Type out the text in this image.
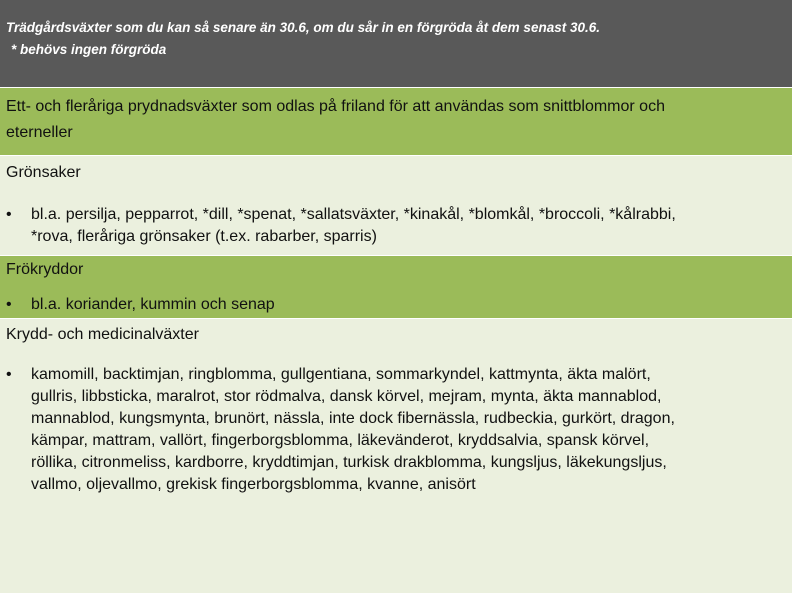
Trädgårdsväxter som du kan så senare än 30.6, om du sår in en förgröda åt dem senast 30.6.
* behövs ingen förgröda
Ett- och fleråriga prydnadsväxter som odlas på friland för att användas som snittblommor och
eterneller
Grönsaker
• bl.a. persilja, pepparrot, *dill, *spenat, *sallatsväxter, *kinakål, *blomkål, *broccoli, *kålrabbi,
*rova, fleråriga grönsaker (t.ex. rabarber, sparris)
Frökryddor
• bl.a. koriander, kummin och senap
Krydd- och medicinalväxter
• kamomill, backtimjan, ringblomma, gullgentiana, sommarkyndel, kattmynta, äkta malört,
gullris, libbsticka, maralrot, stor rödmalva, dansk körvel, mejram, mynta, äkta mannablod,
mannablod, kungsmynta, brunört, nässla, inte dock fibernässla, rudbeckia, gurkört, dragon,
kämpar, mattram, vallört, fingerborgsblomma, läkevänderot, kryddsalvia, spansk körvel,
röllika, citronmeliss, kardborre, kryddtimjan, turkisk drakblomma, kungsljus, läkekungsljus,
vallmo, oljevallmo, grekisk fingerborgsblomma, kvanne, anisört
